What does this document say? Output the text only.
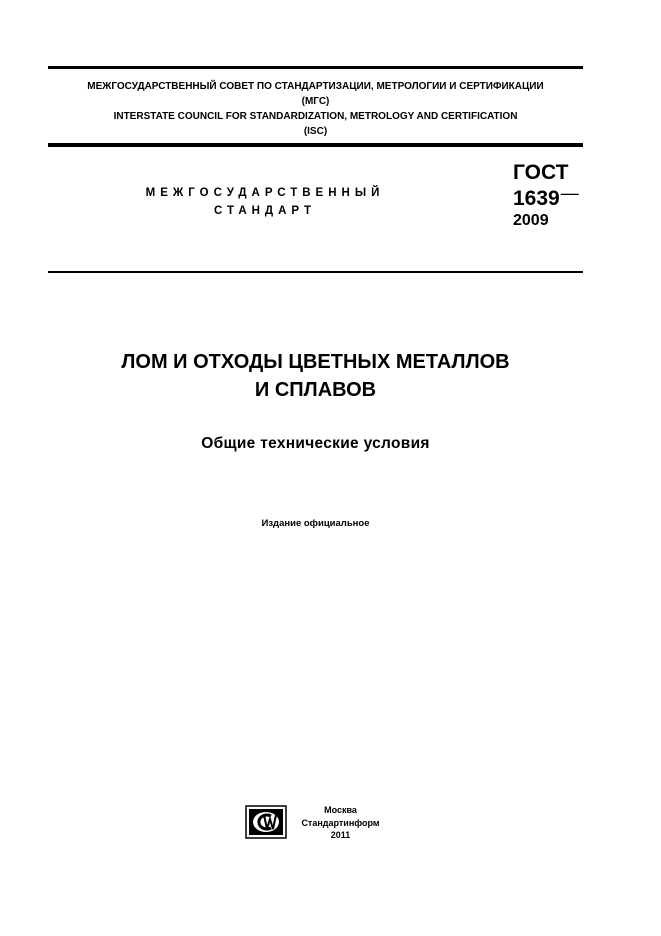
МЕЖГОСУДАРСТВЕННЫЙ СОВЕТ ПО СТАНДАРТИЗАЦИИ, МЕТРОЛОГИИ И СЕРТИФИКАЦИИ
(МГС)
INTERSTATE COUNCIL FOR STANDARDIZATION, METROLOGY AND CERTIFICATION
(ISC)
МЕЖГОСУДАРСТВЕННЫЙ
СТАНДАРТ
ГОСТ
1639—
2009
ЛОМ И ОТХОДЫ ЦВЕТНЫХ МЕТАЛЛОВ
И СПЛАВОВ
Общие технические условия
Издание официальное
Москва
Стандартинформ
2011
